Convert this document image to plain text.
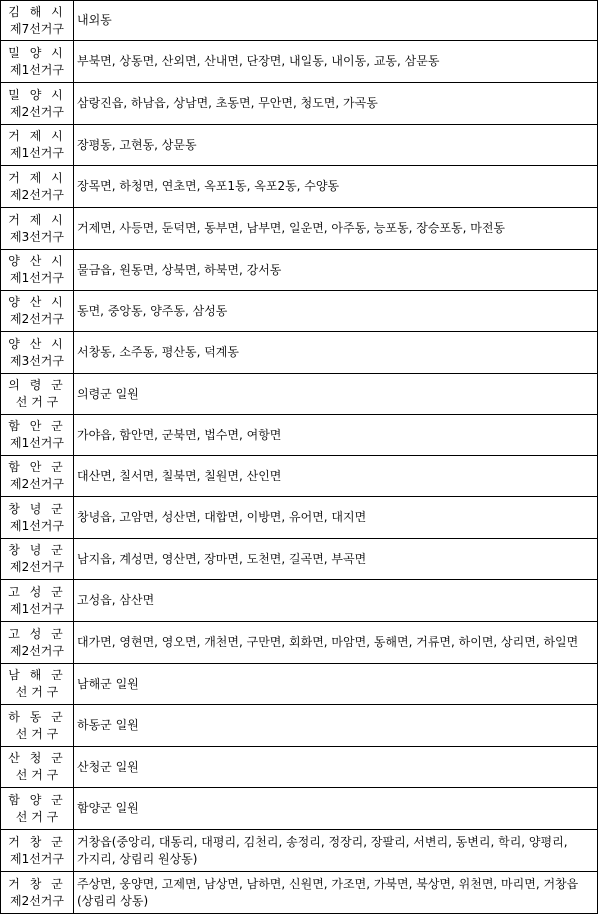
김 해 시
제7선거구	내외동

밀 양 시
제1선거구	부북면, 상동면, 산외면, 산내면, 단장면, 내일동, 내이동, 교동, 삼문동

밀 양 시
제2선거구	삼랑진읍, 하남읍, 상남면, 초동면, 무안면, 청도면, 가곡동

거 제 시
제1선거구	장평동, 고현동, 상문동

거 제 시
제2선거구	장목면, 하청면, 연초면, 옥포1동, 옥포2동, 수양동

거 제 시
제3선거구	거제면, 사등면, 둔덕면, 동부면, 남부면, 일운면, 아주동, 능포동, 장승포동, 마전동

양 산 시
제1선거구	물금읍, 원동면, 상북면, 하북면, 강서동

양 산 시
제2선거구	동면, 중앙동, 양주동, 삼성동

양 산 시
제3선거구	서창동, 소주동, 평산동, 덕계동

의 령 군
선 거 구	의령군 일원

함 안 군
제1선거구	가야읍, 함안면, 군북면, 법수면, 여항면

함 안 군
제2선거구	대산면, 칠서면, 칠북면, 칠원면, 산인면

창 녕 군
제1선거구	창녕읍, 고암면, 성산면, 대합면, 이방면, 유어면, 대지면

창 녕 군
제2선거구	남지읍, 계성면, 영산면, 장마면, 도천면, 길곡면, 부곡면

고 성 군
제1선거구	고성읍, 삼산면

고 성 군
제2선거구	대가면, 영현면, 영오면, 개천면, 구만면, 회화면, 마암면, 동해면, 거류면, 하이면, 상리면, 하일면

남 해 군
선 거 구	남해군 일원

하 동 군
선 거 구	하동군 일원

산 청 군
선 거 구	산청군 일원

함 양 군
선 거 구	함양군 일원

거 창 군
제1선거구	거창읍(중앙리, 대동리, 대평리, 김천리, 송정리, 정장리, 장팔리, 서변리, 동변리, 학리, 양평리, 가지리, 상림리 원상동)

거 창 군
제2선거구	주상면, 웅양면, 고제면, 남상면, 남하면, 신원면, 가조면, 가북면, 북상면, 위천면, 마리면, 거창읍(상림리 상동)
